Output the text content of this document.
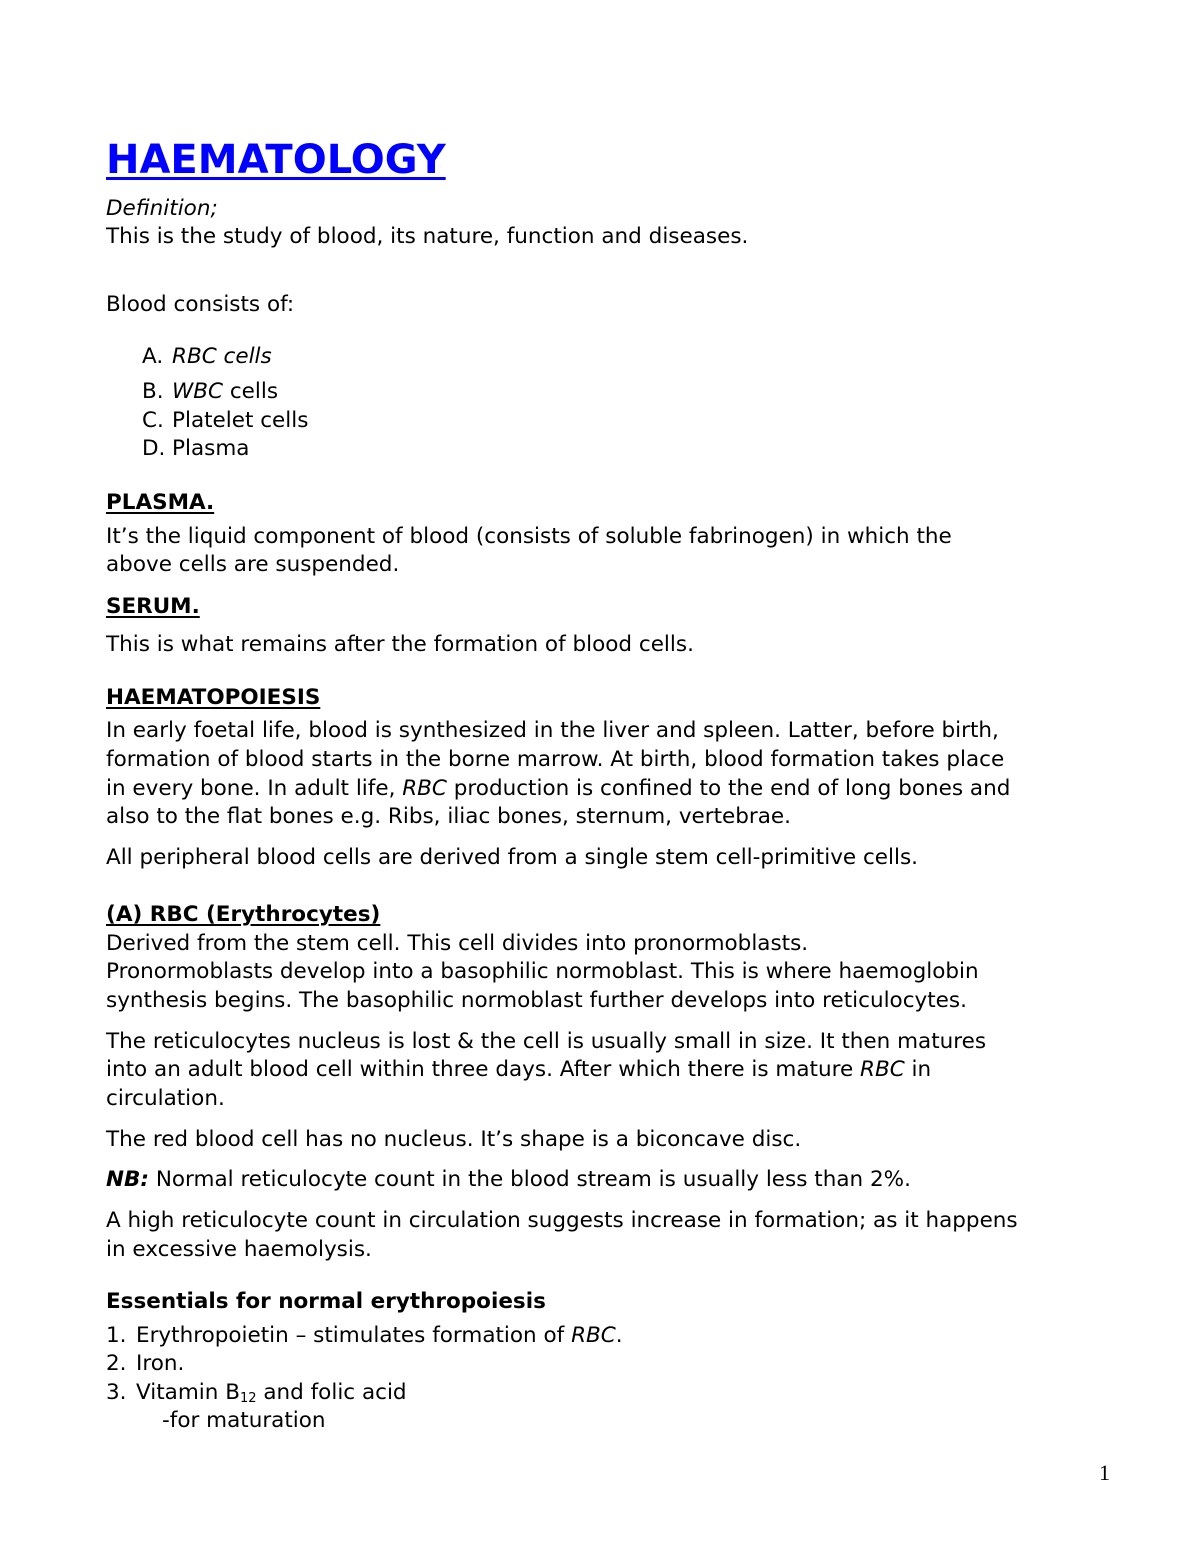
HAEMATOLOGY
Definition;
This is the study of blood, its nature, function and diseases.
Blood consists of:
A. RBC cells
B. WBC cells
C. Platelet cells
D. Plasma
PLASMA.
It’s the liquid component of blood (consists of soluble fabrinogen) in which the
above cells are suspended.
SERUM.
This is what remains after the formation of blood cells.
HAEMATOPOIESIS
In early foetal life, blood is synthesized in the liver and spleen. Latter, before birth,
formation of blood starts in the borne marrow. At birth, blood formation takes place
in every bone. In adult life, RBC production is confined to the end of long bones and
also to the flat bones e.g. Ribs, iliac bones, sternum, vertebrae.
All peripheral blood cells are derived from a single stem cell-primitive cells.
(A) RBC (Erythrocytes)
Derived from the stem cell. This cell divides into pronormoblasts.
Pronormoblasts develop into a basophilic normoblast. This is where haemoglobin
synthesis begins. The basophilic normoblast further develops into reticulocytes.
The reticulocytes nucleus is lost & the cell is usually small in size. It then matures
into an adult blood cell within three days. After which there is mature RBC in
circulation.
The red blood cell has no nucleus. It’s shape is a biconcave disc.
NB: Normal reticulocyte count in the blood stream is usually less than 2%.
A high reticulocyte count in circulation suggests increase in formation; as it happens
in excessive haemolysis.
Essentials for normal erythropoiesis
1. Erythropoietin – stimulates formation of RBC.
2. Iron.
3. Vitamin $B_{12}$ and folic acid
-for maturation
1
